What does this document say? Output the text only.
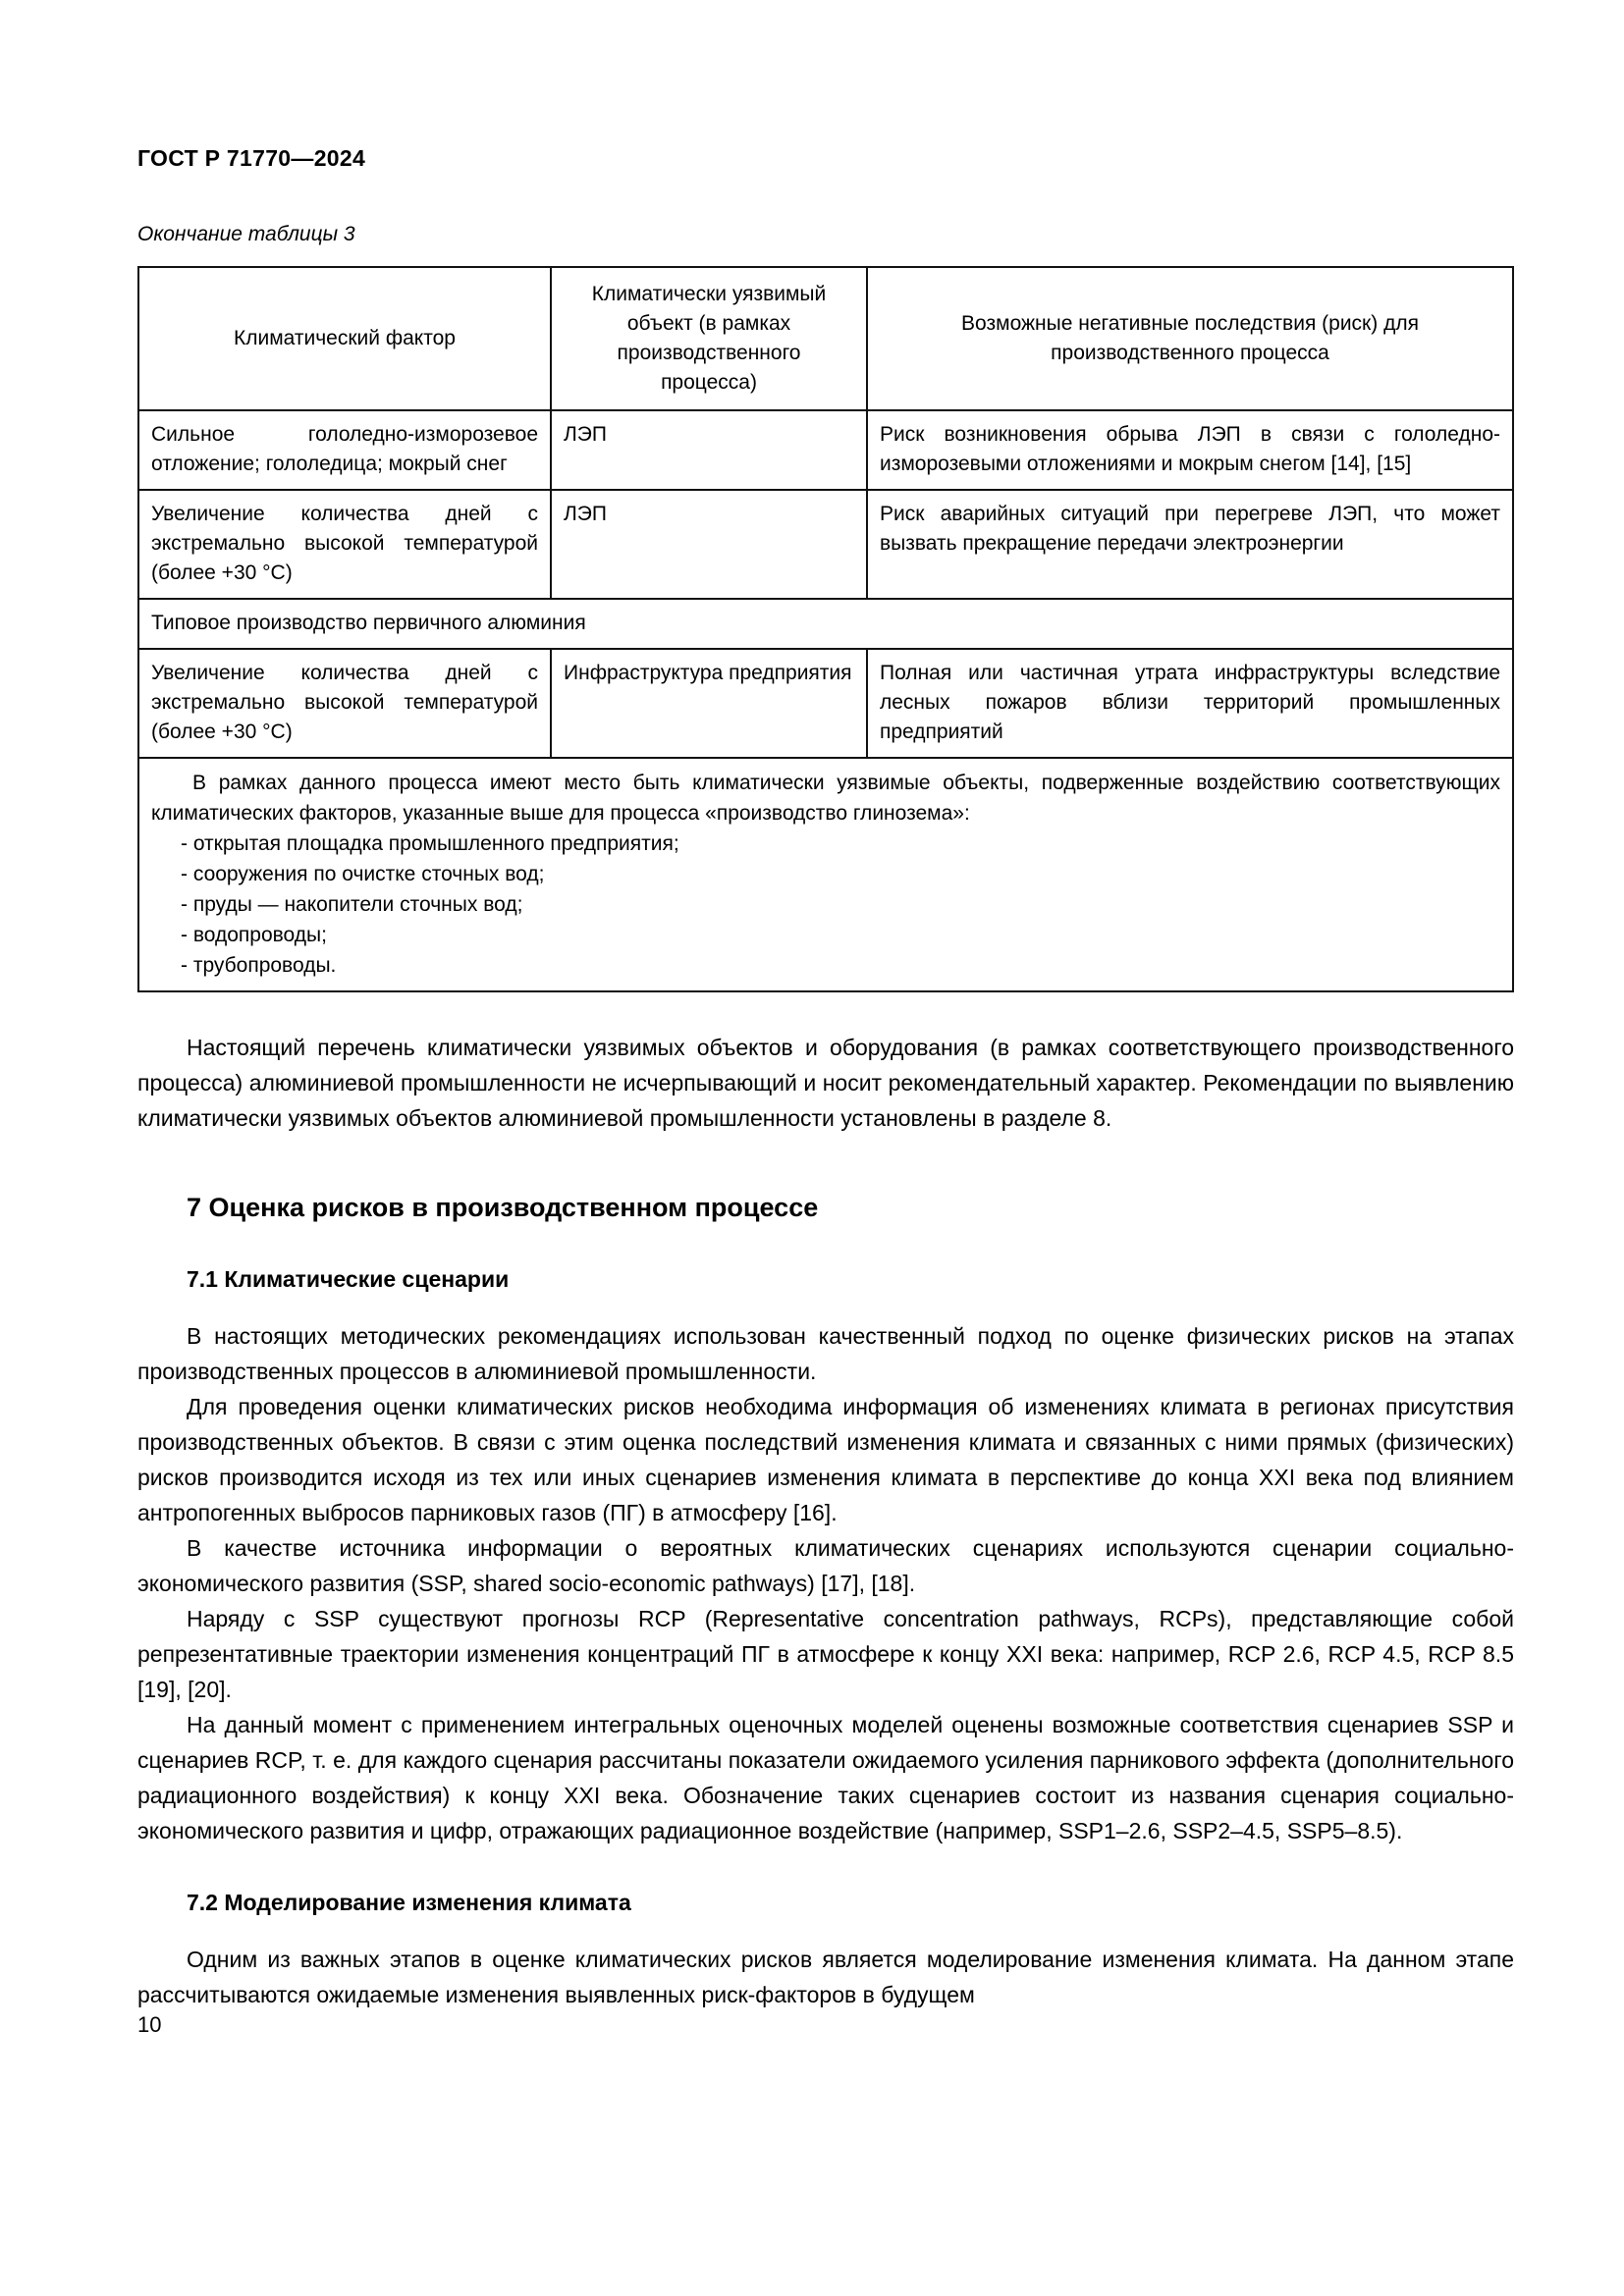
ГОСТ Р 71770—2024
Окончание таблицы 3
Климатический фактор	Климатически уязвимый объект (в рамках производственного процесса)	Возможные негативные последствия (риск) для производственного процесса
Сильное гололедно-изморозевое отложение; гололедица; мокрый снег	ЛЭП	Риск возникновения обрыва ЛЭП в связи с гололедно-изморозевыми отложениями и мокрым снегом [14], [15]
Увеличение количества дней с экстремально высокой температурой (более +30 °С)	ЛЭП	Риск аварийных ситуаций при перегреве ЛЭП, что может вызвать прекращение передачи электроэнергии
Типовое производство первичного алюминия		
Увеличение количества дней с экстремально высокой температурой (более +30 °С)	Инфраструктура предприятия	Полная или частичная утрата инфраструктуры вследствие лесных пожаров вблизи территорий промышленных предприятий

В рамках данного процесса имеют место быть климатически уязвимые объекты, подверженные воздействию соответствующих климатических факторов, указанные выше для процесса «производство глинозема»:

- открытая площадка промышленного предприятия;

- сооружения по очистке сточных вод;

- пруды — накопители сточных вод;

- водопроводы;

- трубопроводы.

Настоящий перечень климатически уязвимых объектов и оборудования (в рамках соответствующего производственного процесса) алюминиевой промышленности не исчерпывающий и носит рекомендательный характер. Рекомендации по выявлению климатически уязвимых объектов алюминиевой промышленности установлены в разделе 8.

7 Оценка рисков в производственном процессе
7.1 Климатические сценарии

В настоящих методических рекомендациях использован качественный подход по оценке физических рисков на этапах производственных процессов в алюминиевой промышленности.

Для проведения оценки климатических рисков необходима информация об изменениях климата в регионах присутствия производственных объектов. В связи с этим оценка последствий изменения климата и связанных с ними прямых (физических) рисков производится исходя из тех или иных сценариев изменения климата в перспективе до конца XXI века под влиянием антропогенных выбросов парниковых газов (ПГ) в атмосферу [16].

В качестве источника информации о вероятных климатических сценариях используются сценарии социально-экономического развития (SSP, shared socio-economic pathways) [17], [18].

Наряду с SSP существуют прогнозы RCP (Representative concentration pathways, RCPs), представляющие собой репрезентативные траектории изменения концентраций ПГ в атмосфере к концу XXI века: например, RCP 2.6, RCP 4.5, RCP 8.5 [19], [20].

На данный момент с применением интегральных оценочных моделей оценены возможные соответствия сценариев SSP и сценариев RCP, т. е. для каждого сценария рассчитаны показатели ожидаемого усиления парникового эффекта (дополнительного радиационного воздействия) к концу XXI века. Обозначение таких сценариев состоит из названия сценария социально-экономического развития и цифр, отражающих радиационное воздействие (например, SSP1–2.6, SSP2–4.5, SSP5–8.5).

7.2 Моделирование изменения климата

Одним из важных этапов в оценке климатических рисков является моделирование изменения климата. На данном этапе рассчитываются ожидаемые изменения выявленных риск-факторов в будущем

10
